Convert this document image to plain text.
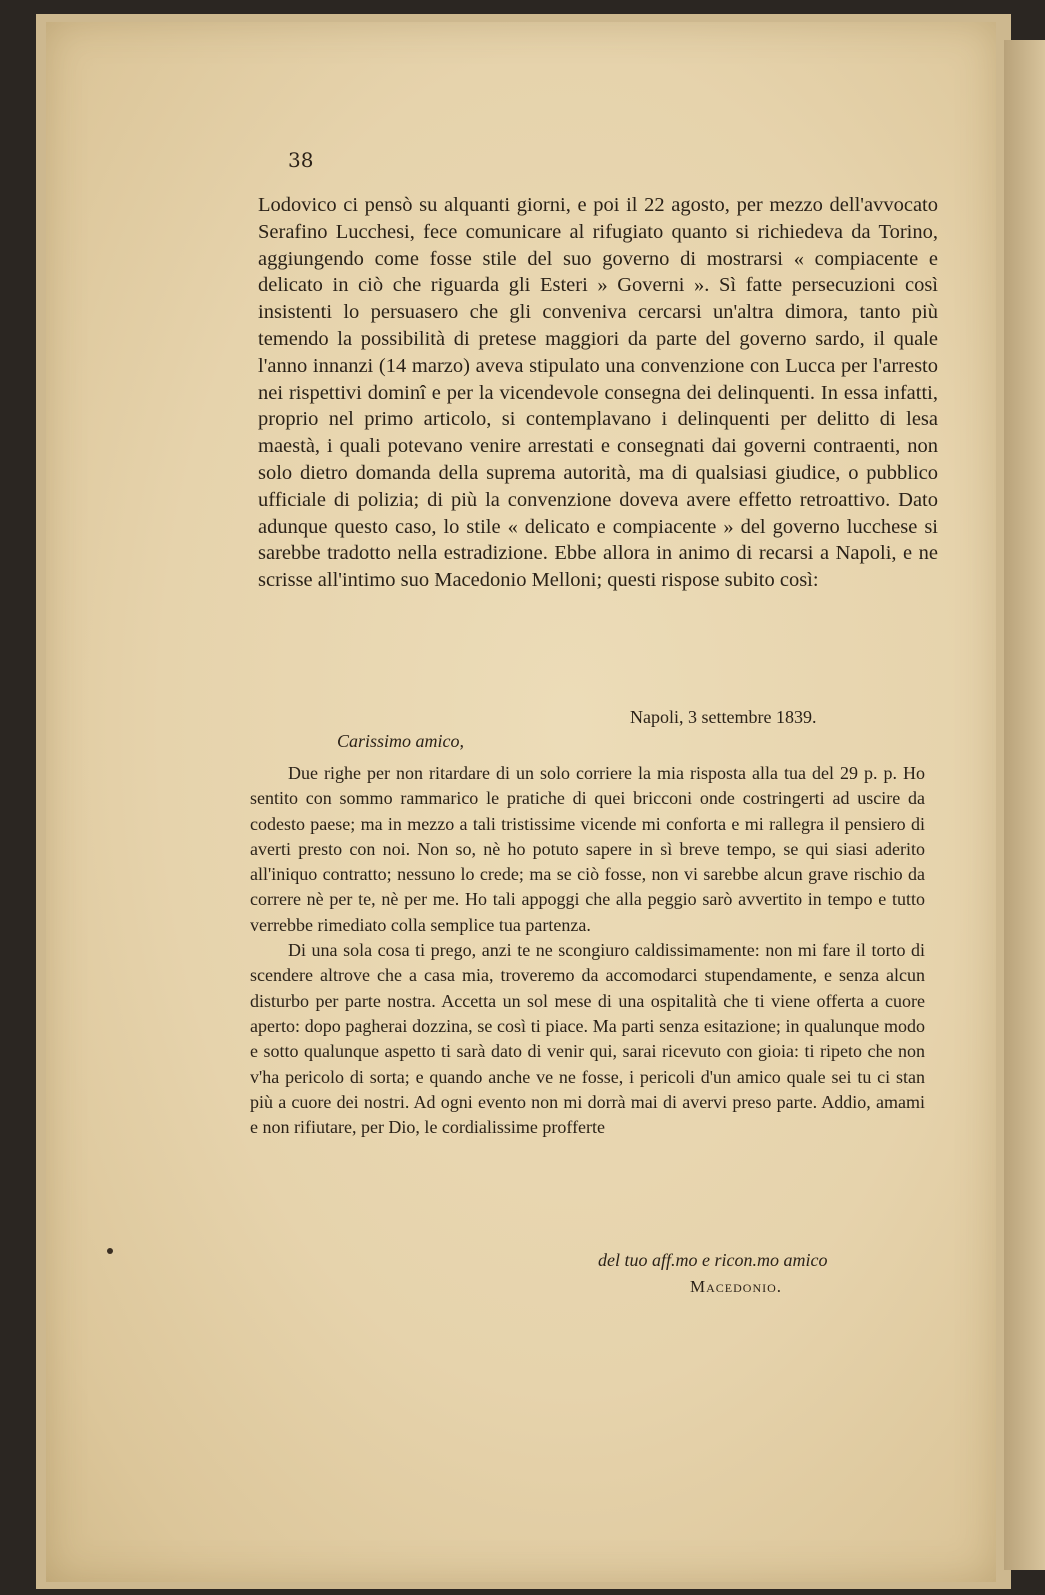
38

Lodovico ci pensò su alquanti giorni, e poi il 22 agosto, per mezzo dell'avvocato Serafino Lucchesi, fece comunicare al rifugiato quanto si richiedeva da Torino, aggiungendo come fosse stile del suo governo di mostrarsi « compiacente e delicato in ciò che riguarda gli Esteri » Governi ». Sì fatte persecuzioni così insistenti lo persuasero che gli conveniva cercarsi un'altra dimora, tanto più temendo la possibilità di pretese maggiori da parte del governo sardo, il quale l'anno innanzi (14 marzo) aveva stipulato una convenzione con Lucca per l'arresto nei rispettivi dominî e per la vicendevole consegna dei delinquenti. In essa infatti, proprio nel primo articolo, si contemplavano i delinquenti per delitto di lesa maestà, i quali potevano venire arrestati e consegnati dai governi contraenti, non solo dietro domanda della suprema autorità, ma di qualsiasi giudice, o pubblico ufficiale di polizia; di più la convenzione doveva avere effetto retroattivo. Dato adunque questo caso, lo stile « delicato e compiacente » del governo lucchese si sarebbe tradotto nella estradizione. Ebbe allora in animo di recarsi a Napoli, e ne scrisse all'intimo suo Macedonio Melloni; questi rispose subito così:

Napoli, 3 settembre 1839.
Carissimo amico,

Due righe per non ritardare di un solo corriere la mia risposta alla tua del 29 p. p. Ho sentito con sommo rammarico le pratiche di quei bricconi onde costringerti ad uscire da codesto paese; ma in mezzo a tali tristissime vicende mi conforta e mi rallegra il pensiero di averti presto con noi. Non so, nè ho potuto sapere in sì breve tempo, se qui siasi aderito all'iniquo contratto; nessuno lo crede; ma se ciò fosse, non vi sarebbe alcun grave rischio da correre nè per te, nè per me. Ho tali appoggi che alla peggio sarò avvertito in tempo e tutto verrebbe rimediato colla semplice tua partenza.

Di una sola cosa ti prego, anzi te ne scongiuro caldissimamente: non mi fare il torto di scendere altrove che a casa mia, troveremo da accomodarci stupendamente, e senza alcun disturbo per parte nostra. Accetta un sol mese di una ospitalità che ti viene offerta a cuore aperto: dopo pagherai dozzina, se così ti piace. Ma parti senza esitazione; in qualunque modo e sotto qualunque aspetto ti sarà dato di venir qui, sarai ricevuto con gioia: ti ripeto che non v'ha pericolo di sorta; e quando anche ve ne fosse, i pericoli d'un amico quale sei tu ci stan più a cuore dei nostri. Ad ogni evento non mi dorrà mai di avervi preso parte. Addio, amami e non rifiutare, per Dio, le cordialissime profferte

del tuo aff.mo e ricon.mo amico
Macedonio.
